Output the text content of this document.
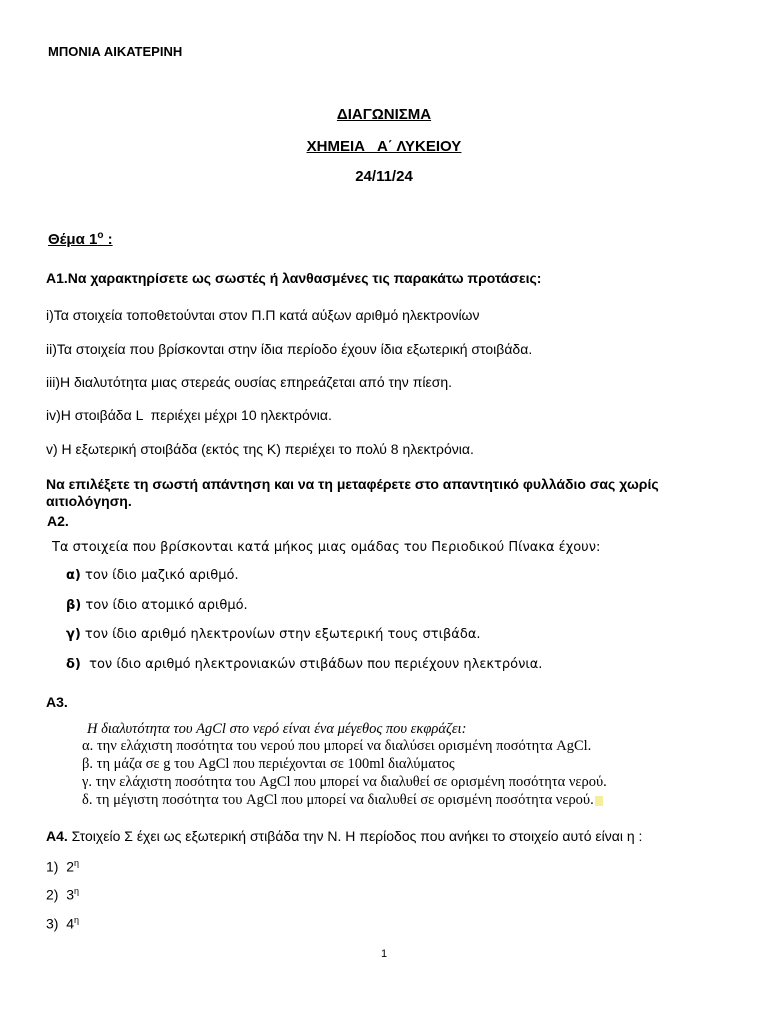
ΜΠΟΝΙΑ ΑΙΚΑΤΕΡΙΝΗ
ΔΙΑΓΩΝΙΣΜΑ
ΧΗΜΕΙΑ   Α΄ ΛΥΚΕΙΟΥ
24/11/24
Θέμα $1^o$ :
Α1.Να χαρακτηρίσετε ως σωστές ή λανθασμένες τις παρακάτω προτάσεις:
i)Τα στοιχεία τοποθετούνται στον Π.Π κατά αύξων αριθμό ηλεκτρονίων
ii)Τα στοιχεία που βρίσκονται στην ίδια περίοδο έχουν ίδια εξωτερική στοιβάδα.
iii)Η διαλυτότητα μιας στερεάς ουσίας επηρεάζεται από την πίεση.
iv)Η στοιβάδα L  περιέχει μέχρι 10 ηλεκτρόνια.
v) Η εξωτερική στοιβάδα (εκτός της Κ) περιέχει το πολύ 8 ηλεκτρόνια.
Να επιλέξετε τη σωστή απάντηση και να τη μεταφέρετε στο απαντητικό φυλλάδιο σας χωρίς αιτιολόγηση.
Α2.
Τα στοιχεία που βρίσκονται κατά μήκος μιας ομάδας του Περιοδικού Πίνακα έχουν:
α) τον ίδιο μαζικό αριθμό.
β) τον ίδιο ατομικό αριθμό.
γ) τον ίδιο αριθμό ηλεκτρονίων στην εξωτερική τους στιβάδα.
δ)  τον ίδιο αριθμό ηλεκτρονιακών στιβάδων που περιέχουν ηλεκτρόνια.
Α3.
Η διαλυτότητα του AgCl στο νερό είναι ένα μέγεθος που εκφράζει:
α. την ελάχιστη ποσότητα του νερού που μπορεί να διαλύσει ορισμένη ποσότητα AgCl.
β. τη μάζα σε g του AgCl που περιέχονται σε 100ml διαλύματος
γ. την ελάχιστη ποσότητα του AgCl που μπορεί να διαλυθεί σε ορισμένη ποσότητα νερού.
δ. τη μέγιστη ποσότητα του AgCl που μπορεί να διαλυθεί σε ορισμένη ποσότητα νερού.
Α4. Στοιχείο Σ έχει ως εξωτερική στιβάδα την Ν. Η περίοδος που ανήκει το στοιχείο αυτό είναι η :
1)  $2^\eta$
2)  $3^\eta$
3)  $4^\eta$
1
